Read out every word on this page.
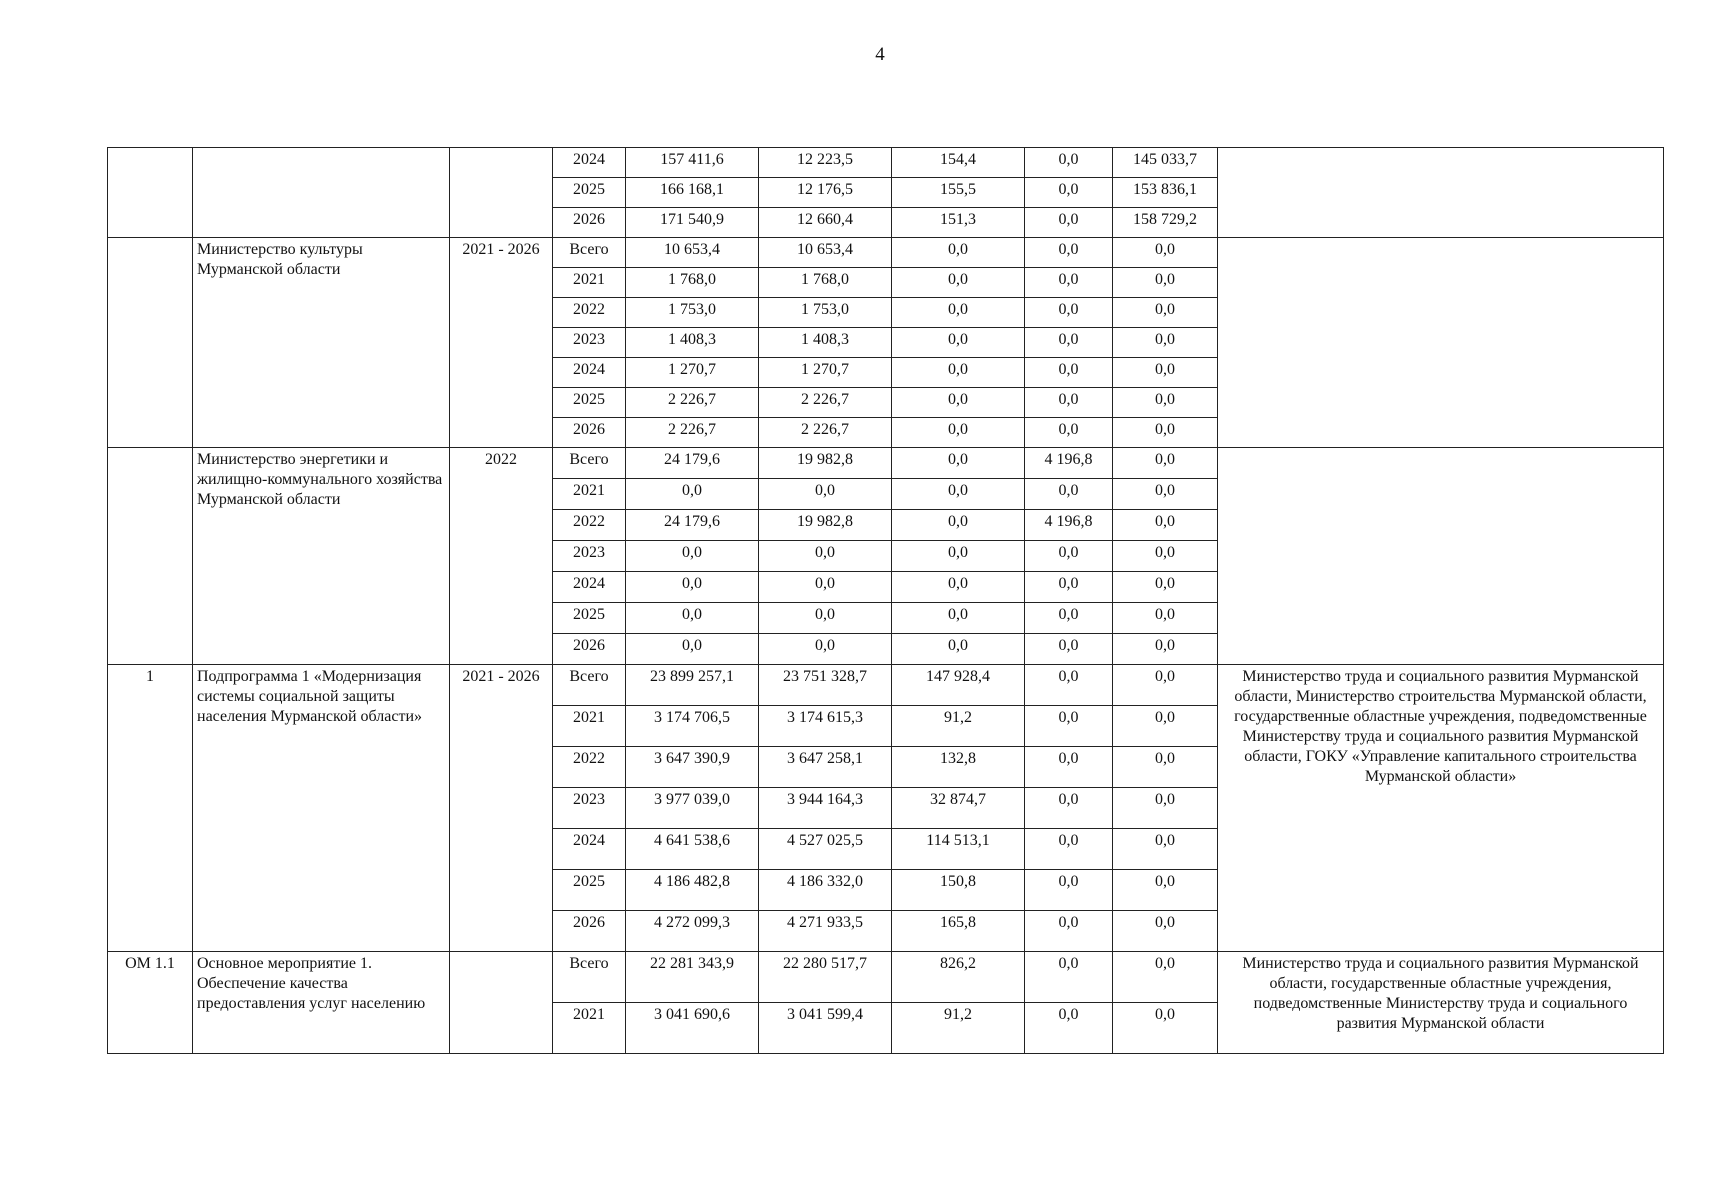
4
			2024	157 411,6	12 223,5	154,4	0,0	145 033,7	
			2025	166 168,1	12 176,5	155,5	0,0	153 836,1	
			2026	171 540,9	12 660,4	151,3	0,0	158 729,2	
	Министерство культуры Мурманской области	2021 - 2026	Всего	10 653,4	10 653,4	0,0	0,0	0,0	
			2021	1 768,0	1 768,0	0,0	0,0	0,0	
			2022	1 753,0	1 753,0	0,0	0,0	0,0	
			2023	1 408,3	1 408,3	0,0	0,0	0,0	
			2024	1 270,7	1 270,7	0,0	0,0	0,0	
			2025	2 226,7	2 226,7	0,0	0,0	0,0	
			2026	2 226,7	2 226,7	0,0	0,0	0,0	
	Министерство энергетики и жилищно-коммунального хозяйства Мурманской области	2022	Всего	24 179,6	19 982,8	0,0	4 196,8	0,0	
			2021	0,0	0,0	0,0	0,0	0,0	
			2022	24 179,6	19 982,8	0,0	4 196,8	0,0	
			2023	0,0	0,0	0,0	0,0	0,0	
			2024	0,0	0,0	0,0	0,0	0,0	
			2025	0,0	0,0	0,0	0,0	0,0	
			2026	0,0	0,0	0,0	0,0	0,0	
1	Подпрограмма 1 «Модернизация системы социальной защиты населения Мурманской области»	2021 - 2026	Всего	23 899 257,1	23 751 328,7	147 928,4	0,0	0,0	Министерство труда и социального развития Мурманской области, Министерство строительства Мурманской области, государственные областные учреждения, подведомственные Министерству труда и социального развития Мурманской области, ГОКУ «Управление капитального строительства Мурманской области»
			2021	3 174 706,5	3 174 615,3	91,2	0,0	0,0	
			2022	3 647 390,9	3 647 258,1	132,8	0,0	0,0	
			2023	3 977 039,0	3 944 164,3	32 874,7	0,0	0,0	
			2024	4 641 538,6	4 527 025,5	114 513,1	0,0	0,0	
			2025	4 186 482,8	4 186 332,0	150,8	0,0	0,0	
			2026	4 272 099,3	4 271 933,5	165,8	0,0	0,0	
ОМ 1.1	Основное мероприятие 1. Обеспечение качества предоставления услуг населению		Всего	22 281 343,9	22 280 517,7	826,2	0,0	0,0	Министерство труда и социального развития Мурманской области, государственные областные учреждения, подведомственные Министерству труда и социального развития Мурманской области
			2021	3 041 690,6	3 041 599,4	91,2	0,0	0,0	
